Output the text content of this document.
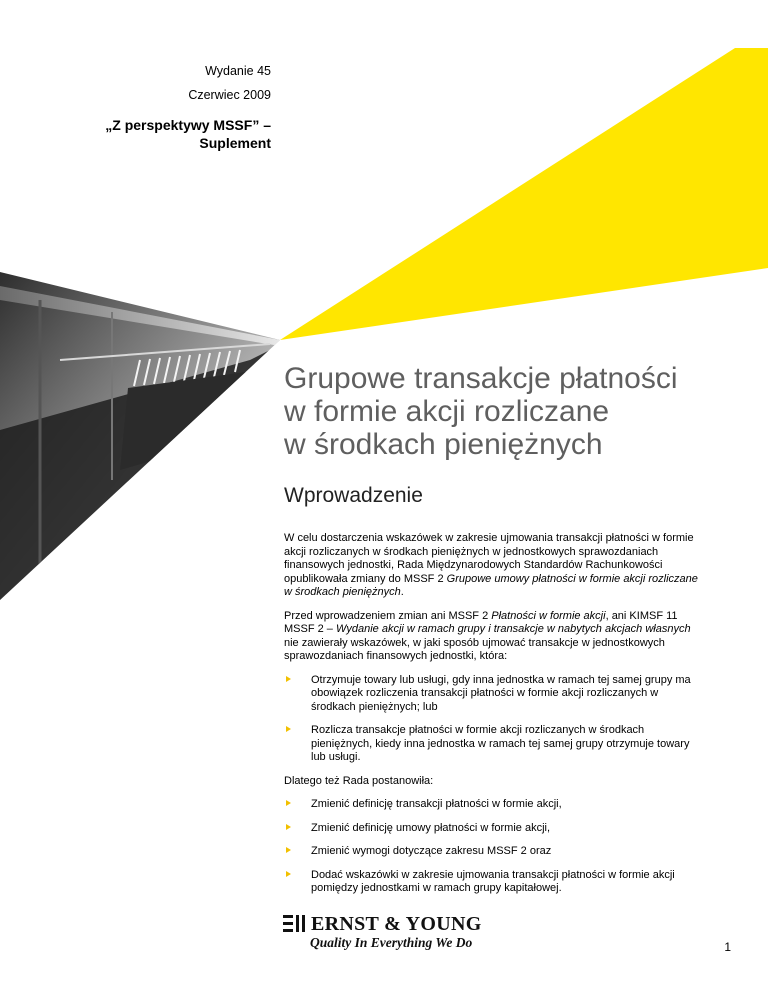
Wydanie 45
Czerwiec 2009
„Z perspektywy MSSF” –
Suplement
Grupowe transakcje płatności
w formie akcji rozliczane
w środkach pieniężnych
Wprowadzenie

W celu dostarczenia wskazówek w zakresie ujmowania transakcji płatności w formie akcji rozliczanych w środkach pieniężnych w jednostkowych sprawozdaniach finansowych jednostki, Rada Międzynarodowych Standardów Rachunkowości opublikowała zmiany do MSSF 2 Grupowe umowy płatności w formie akcji rozliczane w środkach pieniężnych.

Przed wprowadzeniem zmian ani MSSF 2 Płatności w formie akcji, ani KIMSF 11 MSSF 2 – Wydanie akcji w ramach grupy i transakcje w nabytych akcjach własnych nie zawierały wskazówek, w jaki sposób ujmować transakcje w jednostkowych sprawozdaniach finansowych jednostki, która:

Otrzymuje towary lub usługi, gdy inna jednostka w ramach tej samej grupy ma obowiązek rozliczenia transakcji płatności w formie akcji rozliczanych w środkach pieniężnych; lub
Rozlicza transakcje płatności w formie akcji rozliczanych w środkach pieniężnych, kiedy inna jednostka w ramach tej samej grupy otrzymuje towary lub usługi.

Dlatego też Rada postanowiła:

Zmienić definicję transakcji płatności w formie akcji,
Zmienić definicję umowy płatności w formie akcji,
Zmienić wymogi dotyczące zakresu MSSF 2 oraz
Dodać wskazówki w zakresie ujmowania transakcji płatności w formie akcji pomiędzy jednostkami w ramach grupy kapitałowej.
ERNST & YOUNG
Quality In Everything We Do	1
